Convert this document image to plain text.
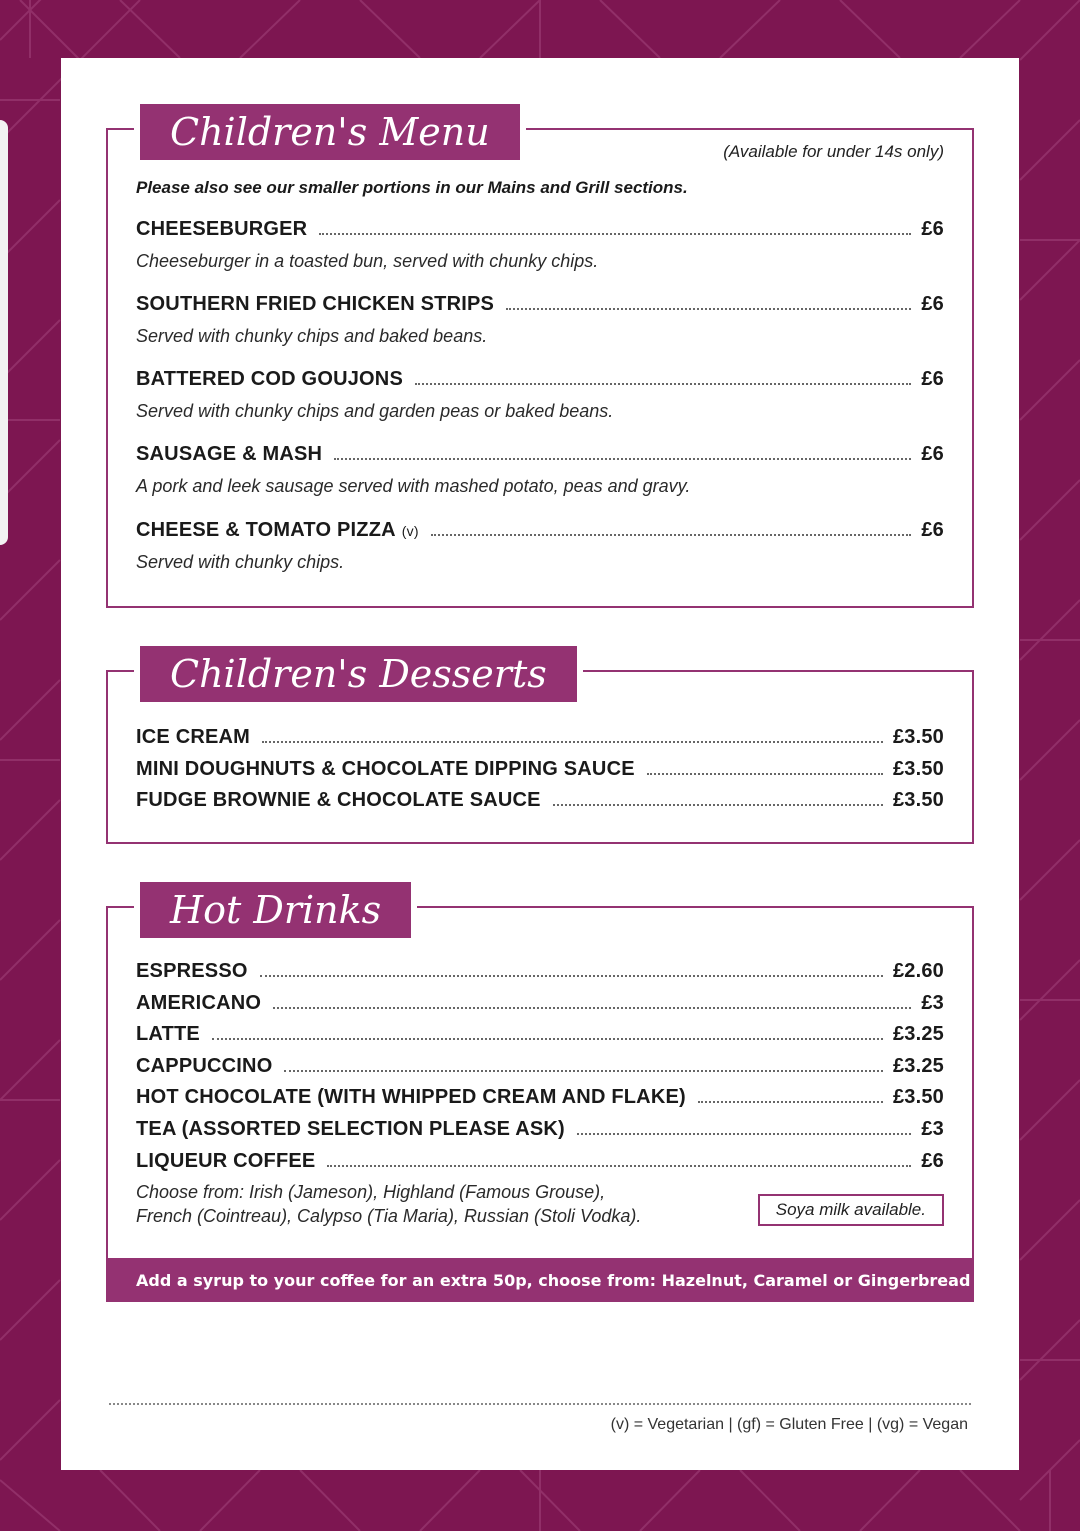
Children's Menu	(Available for under 14s only)
Please also see our smaller portions in our Mains and Grill sections.
CHEESEBURGER	£6
Cheeseburger in a toasted bun, served with chunky chips.
SOUTHERN FRIED CHICKEN STRIPS	£6
Served with chunky chips and baked beans.
BATTERED COD GOUJONS	£6
Served with chunky chips and garden peas or baked beans.
SAUSAGE & MASH	£6
A pork and leek sausage served with mashed potato, peas and gravy.
CHEESE & TOMATO PIZZA (v)	£6
Served with chunky chips.
Children's Desserts
ICE CREAM	£3.50
MINI DOUGHNUTS & CHOCOLATE DIPPING SAUCE	£3.50
FUDGE BROWNIE & CHOCOLATE SAUCE	£3.50
Hot Drinks
ESPRESSO	£2.60
AMERICANO	£3
LATTE	£3.25
CAPPUCCINO	£3.25
HOT CHOCOLATE (WITH WHIPPED CREAM AND FLAKE)	£3.50
TEA (ASSORTED SELECTION PLEASE ASK)	£3
LIQUEUR COFFEE	£6
Choose from: Irish (Jameson), Highland (Famous Grouse),
French (Cointreau), Calypso (Tia Maria), Russian (Stoli Vodka).	Soya milk available.
Add a syrup to your coffee for an extra 50p, choose from: Hazelnut, Caramel or Gingerbread
(v) = Vegetarian | (gf) = Gluten Free | (vg) = Vegan
